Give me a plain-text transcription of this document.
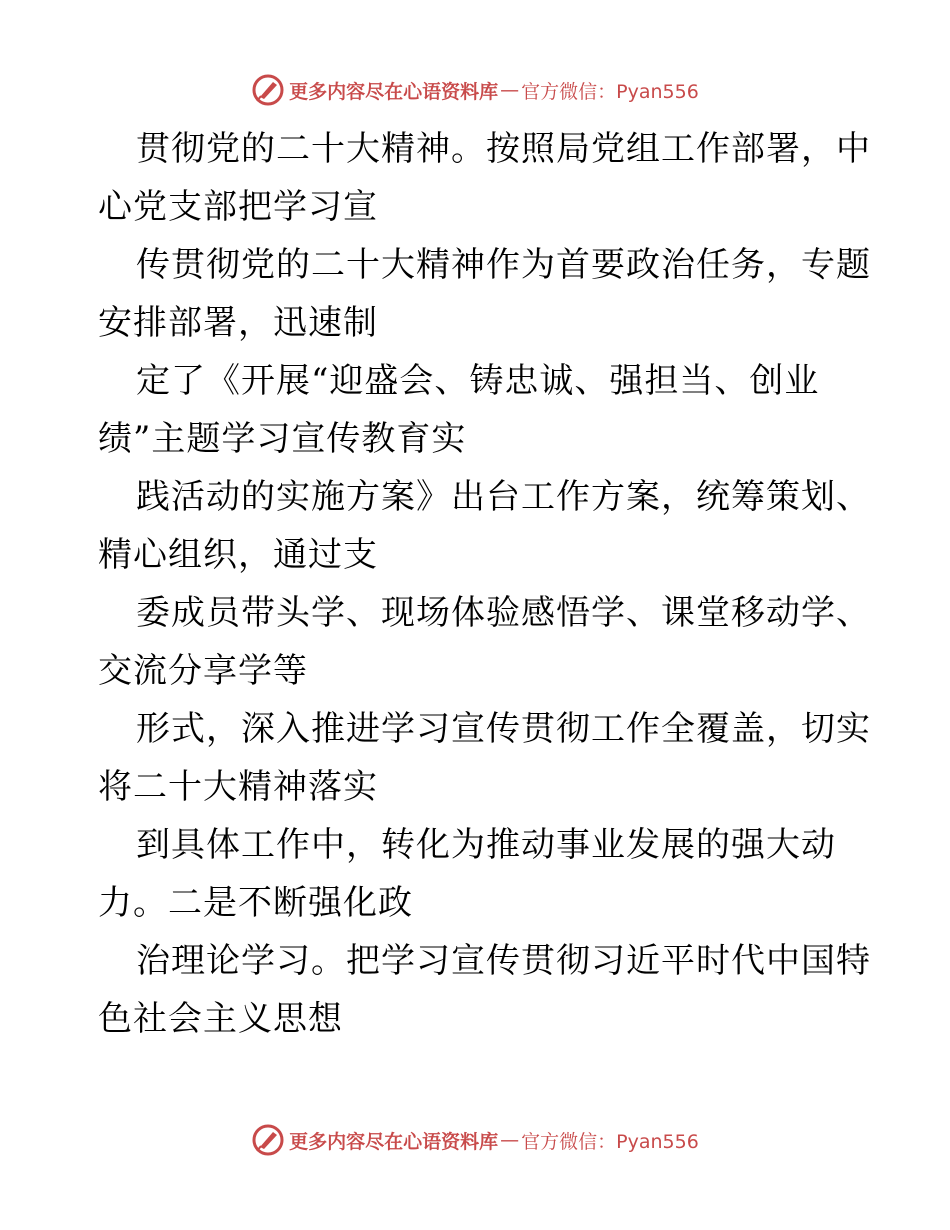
更多内容尽在心语资料库 — 官方微信：Pyan556
贯彻党的二十大精神。按照局党组工作部署，中
心党支部把学习宣
传贯彻党的二十大精神作为首要政治任务，专题
安排部署，迅速制
定了《开展“迎盛会、铸忠诚、强担当、创业
绩”主题学习宣传教育实
践活动的实施方案》出台工作方案，统筹策划、
精心组织，通过支
委成员带头学、现场体验感悟学、课堂移动学、
交流分享学等
形式，深入推进学习宣传贯彻工作全覆盖，切实
将二十大精神落实
到具体工作中，转化为推动事业发展的强大动
力。二是不断强化政
治理论学习。把学习宣传贯彻习近平时代中国特
色社会主义思想
更多内容尽在心语资料库 — 官方微信：Pyan556
